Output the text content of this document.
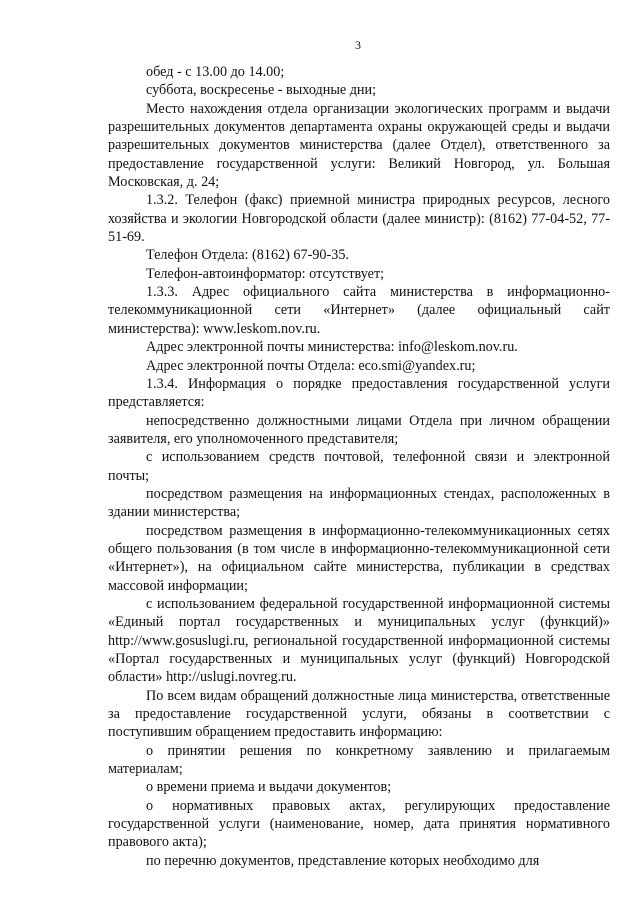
3

обед - с 13.00 до 14.00;

суббота, воскресенье - выходные дни;

Место нахождения отдела организации экологических программ и выдачи разрешительных документов департамента охраны окружающей среды и выдачи разрешительных документов министерства (далее Отдел), ответственного за предоставление государственной услуги: Великий Новгород, ул. Большая Московская, д. 24;

1.3.2. Телефон (факс) приемной министра природных ресурсов, лесного хозяйства и экологии Новгородской области (далее министр): (8162) 77-04-52, 77-51-69.

Телефон Отдела: (8162) 67-90-35.

Телефон-автоинформатор: отсутствует;

1.3.3. Адрес официального сайта министерства в информационно-телекоммуникационной сети «Интернет» (далее официальный сайт министерства): www.leskom.nov.ru.

Адрес электронной почты министерства: info@leskom.nov.ru.

Адрес электронной почты Отдела: eco.smi@yandex.ru;

1.3.4. Информация о порядке предоставления государственной услуги представляется:

непосредственно должностными лицами Отдела при личном обращении заявителя, его уполномоченного представителя;

с использованием средств почтовой, телефонной связи и электронной почты;

посредством размещения на информационных стендах, расположенных в здании министерства;

посредством размещения в информационно-телекоммуникационных сетях общего пользования (в том числе в информационно-телекоммуникационной сети «Интернет»), на официальном сайте министерства, публикации в средствах массовой информации;

с использованием федеральной государственной информационной системы «Единый портал государственных и муниципальных услуг (функций)» http://www.gosuslugi.ru, региональной государственной информационной системы «Портал государственных и муниципальных услуг (функций) Новгородской области» http://uslugi.novreg.ru.

По всем видам обращений должностные лица министерства, ответственные за предоставление государственной услуги, обязаны в соответствии с поступившим обращением предоставить информацию:

о принятии решения по конкретному заявлению и прилагаемым материалам;

о времени приема и выдачи документов;

о нормативных правовых актах, регулирующих предоставление государственной услуги (наименование, номер, дата принятия нормативного правового акта);

по перечню документов, представление которых необходимо для
